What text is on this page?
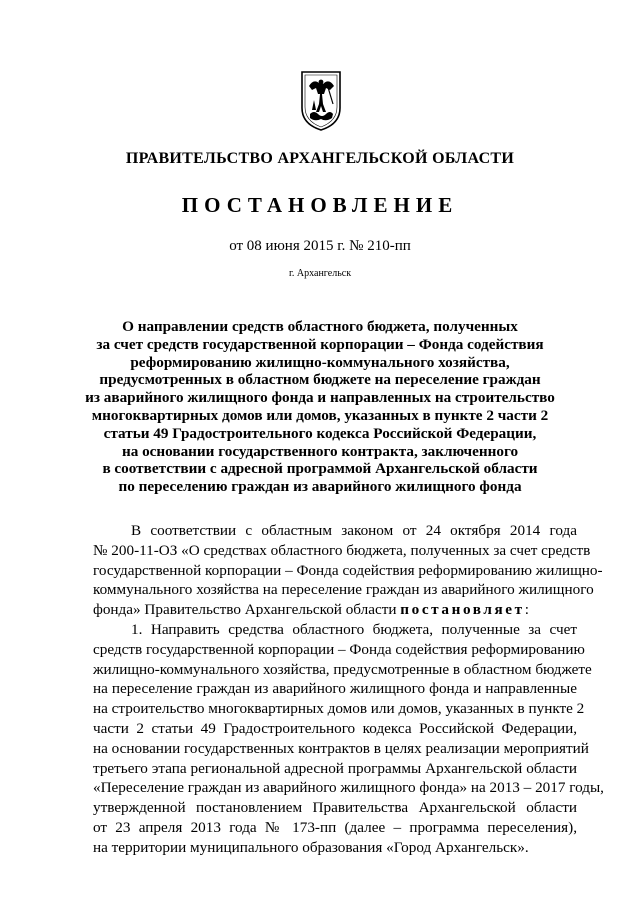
ПРАВИТЕЛЬСТВО АРХАНГЕЛЬСКОЙ ОБЛАСТИ
ПОСТАНОВЛЕНИЕ
от 08 июня 2015 г. № 210-пп
г. Архангельск
О направлении средств областного бюджета, полученных
за счет средств государственной корпорации – Фонда содействия
реформированию жилищно-коммунального хозяйства,
предусмотренных в областном бюджете на переселение граждан
из аварийного жилищного фонда и направленных на строительство
многоквартирных домов или домов, указанных в пункте 2 части 2
статьи 49 Градостроительного кодекса Российской Федерации,
на основании государственного контракта, заключенного
в соответствии с адресной программой Архангельской области
по переселению граждан из аварийного жилищного фонда
В соответствии с областным законом от 24 октября 2014 года
№ 200-11-ОЗ «О средствах областного бюджета, полученных за счет средств
государственной корпорации – Фонда содействия реформированию жилищно-
коммунального хозяйства на переселение граждан из аварийного жилищного
фонда» Правительство Архангельской области постановляет:
1. Направить средства областного бюджета, полученные за счет
средств государственной корпорации – Фонда содействия реформированию
жилищно-коммунального хозяйства, предусмотренные в областном бюджете
на переселение граждан из аварийного жилищного фонда и направленные
на строительство многоквартирных домов или домов, указанных в пункте 2
части 2 статьи 49 Градостроительного кодекса Российской Федерации,
на основании государственных контрактов в целях реализации мероприятий
третьего этапа региональной адресной программы Архангельской области
«Переселение граждан из аварийного жилищного фонда» на 2013 – 2017 годы,
утвержденной постановлением Правительства Архангельской области
от 23 апреля 2013 года № 173-пп (далее – программа переселения),
на территории муниципального образования «Город Архангельск».
